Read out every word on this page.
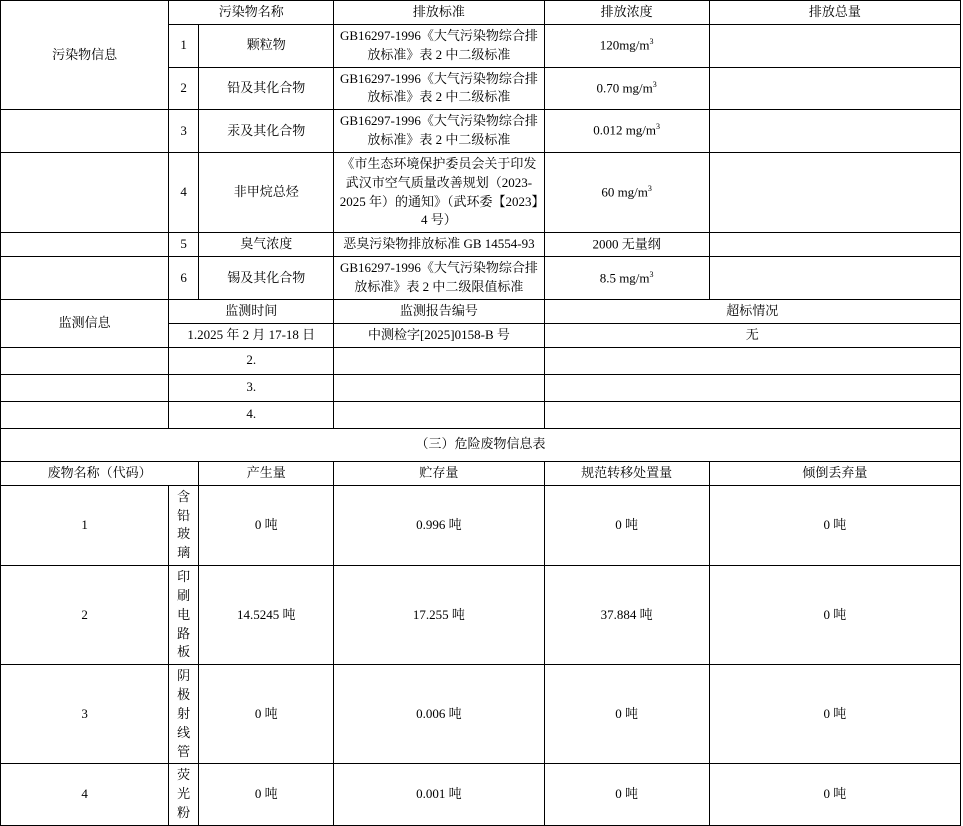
污染物信息	污染物名称		排放标准	排放浓度	排放总量
	1	颗粒物	GB16297-1996《大气污染物综合排放标准》表 2 中二级标准	$120mg/m^3$	
	2	铅及其化合物	GB16297-1996《大气污染物综合排放标准》表 2 中二级标准	0.70 $mg/m^3$	
	3	汞及其化合物	GB16297-1996《大气污染物综合排放标准》表 2 中二级标准	0.012 $mg/m^3$	
	4	非甲烷总烃	《市生态环境保护委员会关于印发武汉市空气质量改善规划（2023-2025 年）的通知》（武环委【2023】4 号）	60 $mg/m^3$	
	5	臭气浓度	恶臭污染物排放标准 GB 14554-93	2000 无量纲	
	6	锡及其化合物	GB16297-1996《大气污染物综合排放标准》表 2 中二级限值标准	8.5 $mg/m^3$	
监测信息	监测时间		监测报告编号	超标情况	
	1.2025 年 2 月 17-18 日		中测检字[2025]0158-B 号	无	
	2.				
	3.				
	4.				
（三）危险废物信息表					
废物名称（代码）		产生量	贮存量	规范转移处置量	倾倒丢弃量
1	含铅玻璃	0 吨	0.996 吨	0 吨	0 吨
2	印刷电路板	14.5245 吨	17.255 吨	37.884 吨	0 吨
3	阴极射线管	0 吨	0.006 吨	0 吨	0 吨
4	荧光粉	0 吨	0.001 吨	0 吨	0 吨
